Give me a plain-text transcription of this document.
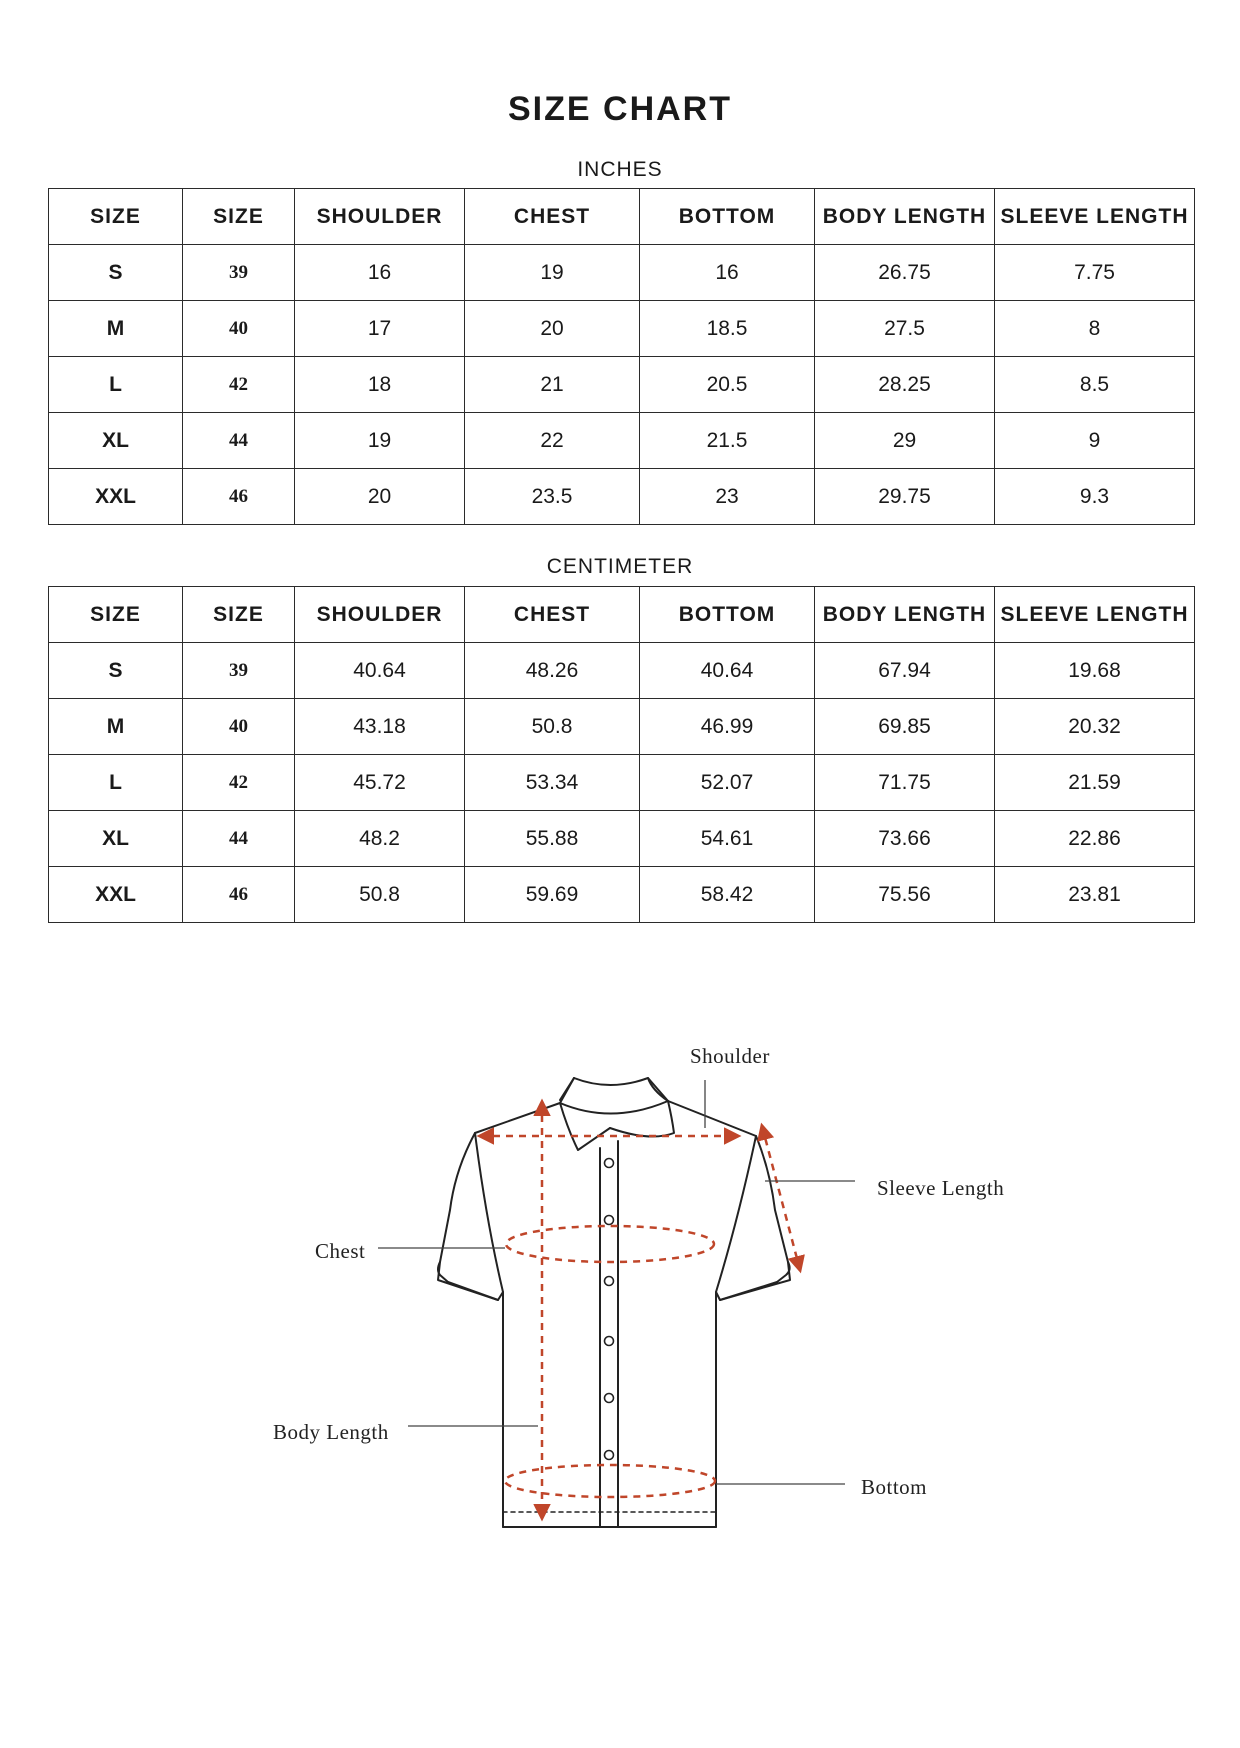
SIZE CHART
INCHES
SIZE	SIZE	SHOULDER	CHEST	BOTTOM	BODY LENGTH	SLEEVE LENGTH
S	39	16	19	16	26.75	7.75
M	40	17	20	18.5	27.5	8
L	42	18	21	20.5	28.25	8.5
XL	44	19	22	21.5	29	9
XXL	46	20	23.5	23	29.75	9.3
CENTIMETER
SIZE	SIZE	SHOULDER	CHEST	BOTTOM	BODY LENGTH	SLEEVE LENGTH
S	39	40.64	48.26	40.64	67.94	19.68
M	40	43.18	50.8	46.99	69.85	20.32
L	42	45.72	53.34	52.07	71.75	21.59
XL	44	48.2	55.88	54.61	73.66	22.86
XXL	46	50.8	59.69	58.42	75.56	23.81
Shoulder
Sleeve Length
Chest
Body Length
Bottom
